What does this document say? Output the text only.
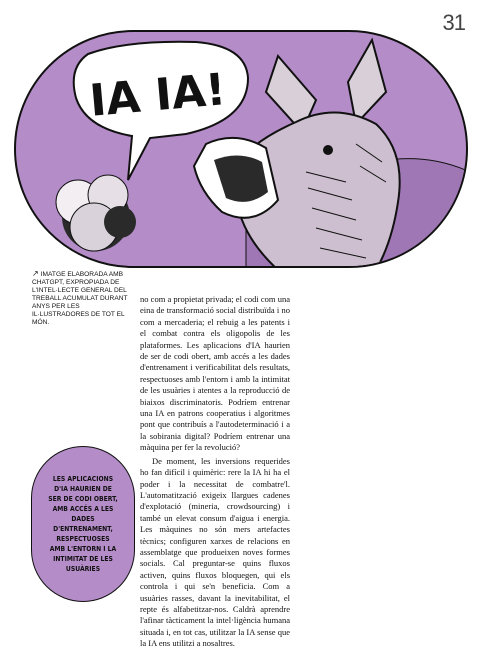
31
IA IA!
↗ IMATGE ELABORADA AMB CHATGPT, EXPROPIADA DE L'INTEL·LECTE GENERAL DEL TREBALL ACUMULAT DURANT ANYS PER LES IL·LUSTRADORES DE TOT EL MÓN.
LES APLICACIONS D'IA HAURIEN DE SER DE CODI OBERT, AMB ACCÉS A LES DADES D'ENTRENAMENT, RESPECTUOSES AMB L'ENTORN I LA INTIMITAT DE LES USUÀRIES

no com a propietat privada; el codi com una eina de transformació social distribuïda i no com a mercaderia; el rebuig a les patents i el combat contra els oligopolis de les plataformes. Les aplicacions d'IA haurien de ser de codi obert, amb accés a les dades d'entrenament i verificabilitat dels resultats, respectuoses amb l'entorn i amb la intimitat de les usuàries i atentes a la reproducció de biaixos discriminatoris. Podríem entrenar una IA en patrons cooperatius i algoritmes pont que contribuís a l'autodeterminació i a la sobirania digital? Podríem entrenar una màquina per fer la revolució?

De moment, les inversions requerides ho fan difícil i quimèric: rere la IA hi ha el poder i la necessitat de combatre'l. L'automatització exigeix llargues cadenes d'explotació (mineria, crowdsourcing) i també un elevat consum d'aigua i energia. Les màquines no són mers artefactes tècnics; configuren xarxes de relacions en assemblatge que produeixen noves formes socials. Cal preguntar-se quins fluxos activen, quins fluxos bloquegen, qui els controla i qui se'n beneficia. Com a usuàries rasses, davant la inevitabilitat, el repte és alfabetitzar-nos. Caldrà aprendre l'afinar tàcticament la intel·ligència humana situada i, en tot cas, utilitzar la IA sense que la IA ens utilitzi a nosaltres.
